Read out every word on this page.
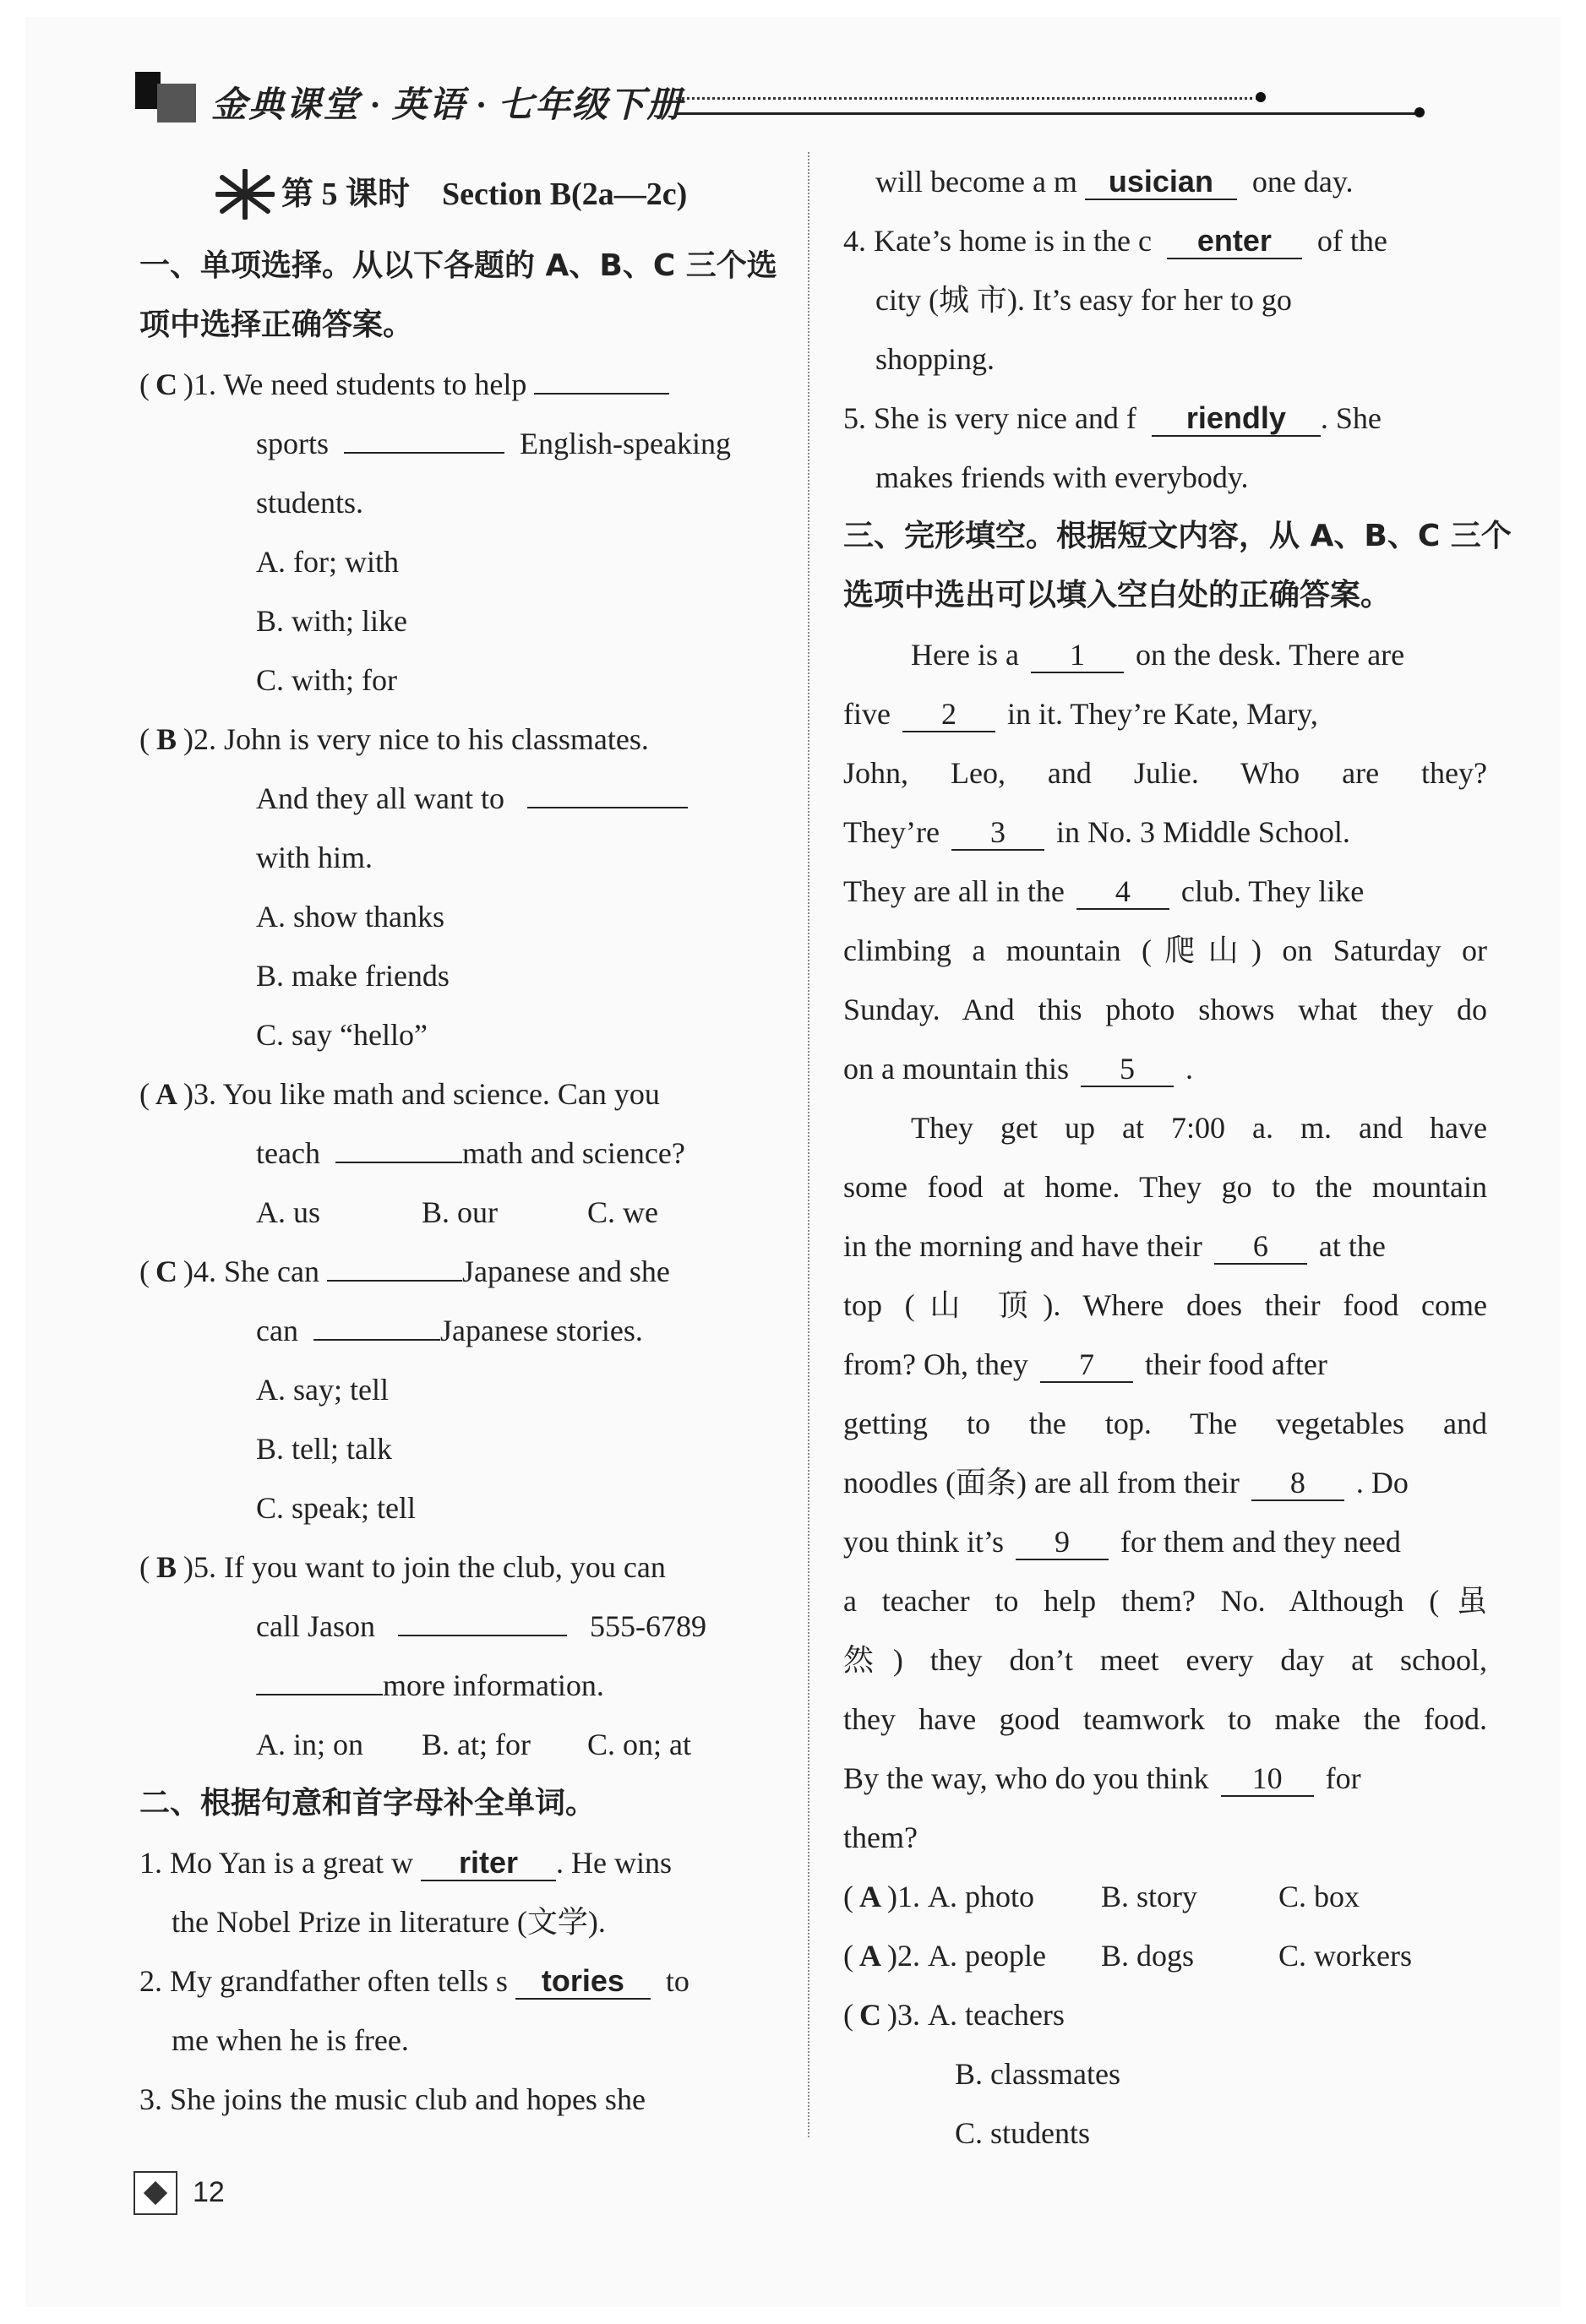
金典课堂 · 英语 · 七年级下册
第 5 课时　Section B(2a—2c)
一、单项选择。从以下各题的 A、B、C 三个选
项中选择正确答案。
( C )1. We need students to help
sports	English-speaking
students.
A. for; with
B. with; like
C. with; for
( B )2. John is very nice to his classmates.
And they all want to
with him.
A. show thanks
B. make friends
C. say “hello”
( A )3. You like math and science. Can you
teach	math and science?
A. us	B. our	C. we
( C )4. She can	Japanese and she
can	Japanese stories.
A. say; tell
B. tell; talk
C. speak; tell
( B )5. If you want to join the club, you can
call Jason	555-6789
more information.
A. in; on B. at; for C. on; at
二、根据句意和首字母补全单词。
1. Mo Yan is a great w riter . He wins
the Nobel Prize in literature (文学).
2. My grandfather often tells s tories to
me when he is free.
3. She joins the music club and hopes she
will become a m usician one day.
4. Kate’s home is in the c enter of the
city (城 市). It’s easy for her to go
shopping.
5. She is very nice and f riendly . She
makes friends with everybody.
三、完形填空。根据短文内容，从 A、B、C 三个
选项中选出可以填入空白处的正确答案。
Here is a 1 on the desk. There are
five 2 in it. They’re Kate, Mary,
John, Leo, and Julie. Who are they?
They’re 3 in No. 3 Middle School.
They are all in the 4 club. They like
climbing a mountain (爬山) on Saturday or
Sunday. And this photo shows what they do
on a mountain this 5 .
They get up at 7:00 a. m. and have
some food at home. They go to the mountain
in the morning and have their 6 at the
top (山 顶). Where does their food come
from? Oh, they 7 their food after
getting to the top. The vegetables and
noodles (面条) are all from their 8 . Do
you think it’s 9 for them and they need
a teacher to help them? No. Although (虽
然) they don’t meet every day at school,
they have good teamwork to make the food.
By the way, who do you think 10 for
them?
( A )1. A. photo B. story	C. box
( A )2. A. people B. dogs	C. workers
( C )3. A. teachers
B. classmates
C. students
12
